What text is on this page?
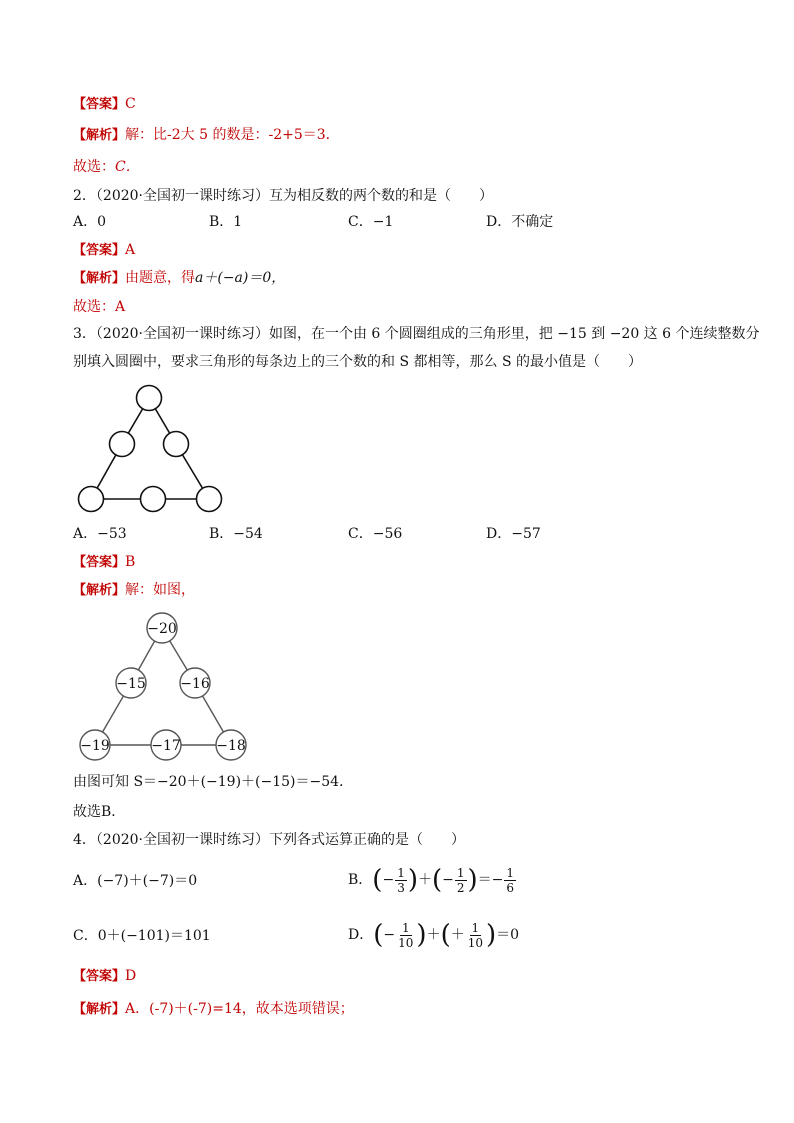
【答案】C
【解析】解：比-2大 5 的数是：-2+5＝3．
故选：C．
2．（2020·全国初一课时练习）互为相反数的两个数的和是（　　）
A．0	B．1	C．−1	D．不确定
【答案】A
【解析】由题意，得a＋(−a)＝0，
故选：A
3．（2020·全国初一课时练习）如图，在一个由 6 个圆圈组成的三角形里，把 −15 到 −20 这 6 个连续整数分
别填入圆圈中，要求三角形的每条边上的三个数的和 S 都相等，那么 S 的最小值是（　　）
A．−53	B．−54	C．−56	D．−57
【答案】B
【解析】解：如图，
−20
−15 −16
−19	−17	−18
由图可知 S＝−20＋(−19)＋(−15)＝−54．
故选B．
4．（2020·全国初一课时练习）下列各式运算正确的是（　　）
A．(−7)＋(−7)＝0	B．(− $\frac{1}{3}$ )＋(− $\frac{1}{2}$ )＝− $\frac{1}{6}$
C．0＋(−101)＝101	D．(− $\frac{1}{10}$ )＋(＋ $\frac{1}{10} )=0$
【答案】D
【解析】A．(-7)＋(-7)=14，故本选项错误；
